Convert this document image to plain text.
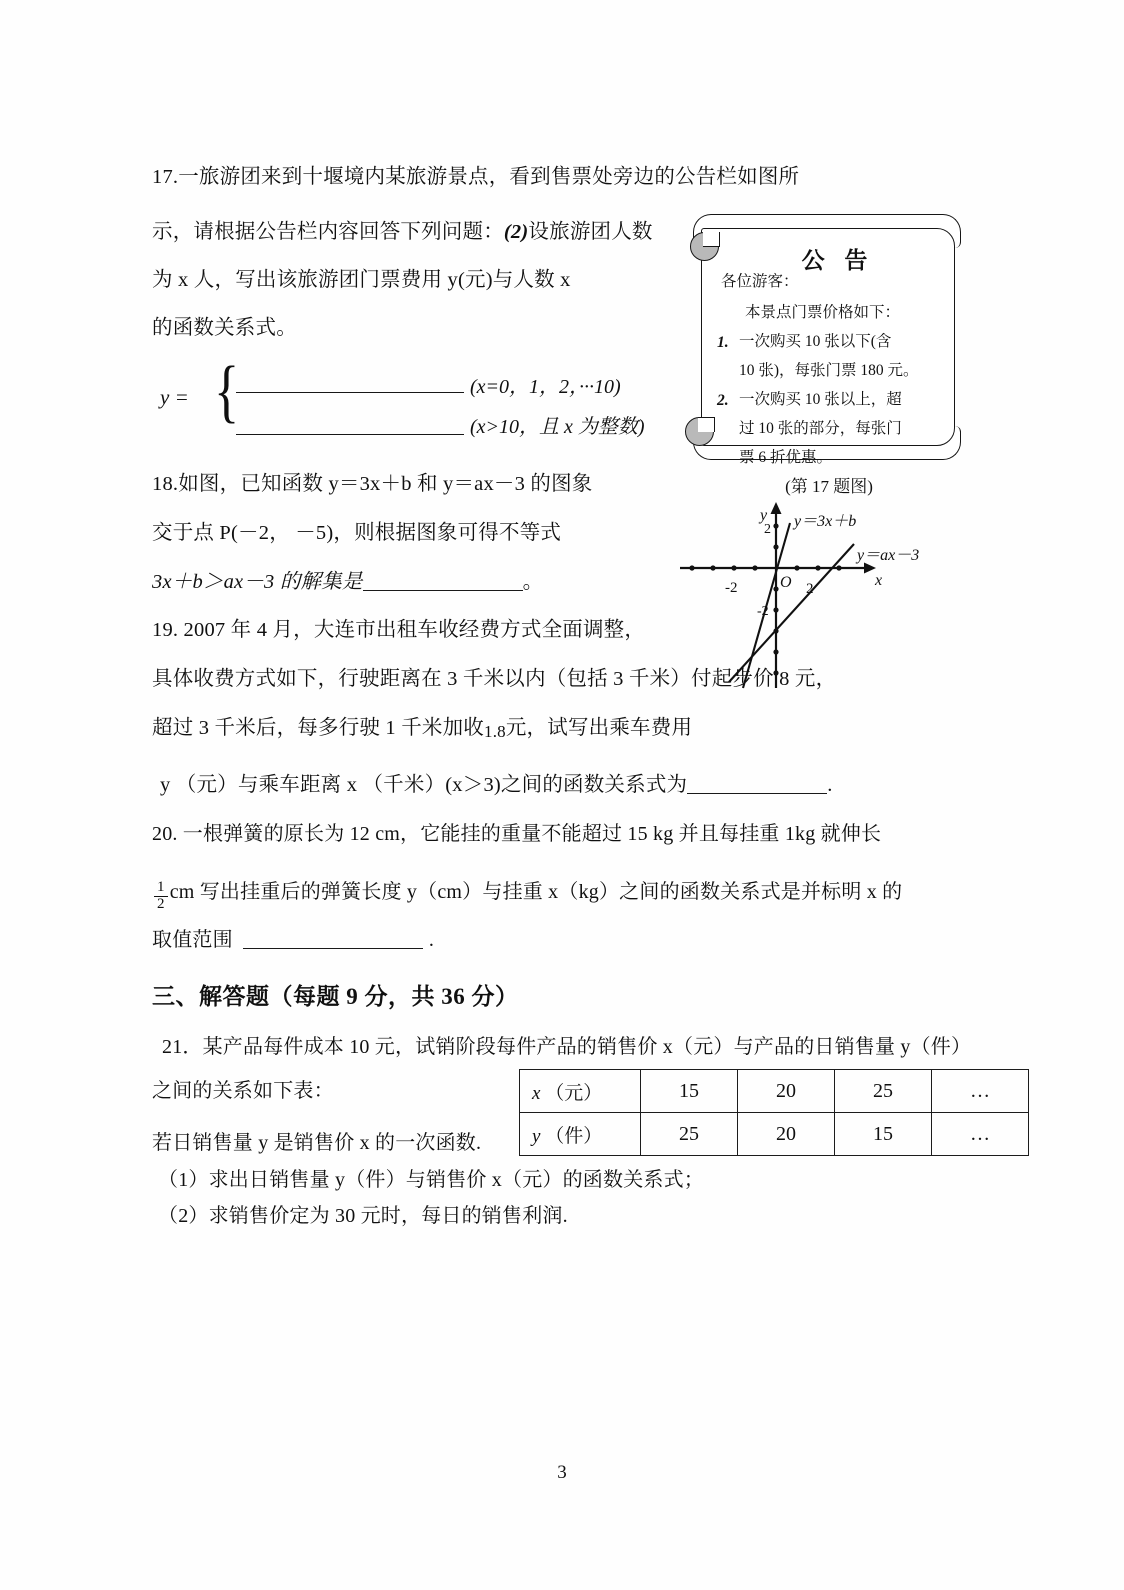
17.一旅游团来到十堰境内某旅游景点，看到售票处旁边的公告栏如图所
示，请根据公告栏内容回答下列问题：(2)设旅游团人数
为 x 人，写出该旅游团门票费用 y(元)与人数 x
的函数关系式。
y = {	(x=0，1，2，···10)
(x>10，且 x 为整数)
公 告
各位游客：
本景点门票价格如下：
1. 一次购买 10 张以下(含
10 张)，每张门票 180 元。
2. 一次购买 10 张以上，超
过 10 张的部分，每张门
票 6 折优惠。
(第 17 题图)
18.如图，已知函数 y＝3x＋b 和 y＝ax－3 的图象
交于点 P(－2， －5)，则根据图象可得不等式
3x＋b＞ax－3 的解集是	。
y
x
O
-2	2
2
-2
y＝3x＋b
y＝ax－3
19. 2007 年 4 月，大连市出租车收经费方式全面调整，
具体收费方式如下，行驶距离在 3 千米以内（包括 3 千米）付起步价 8 元，
超过 3 千米后，每多行驶 1 千米加收1.8元，试写出乘车费用
y （元）与乘车距离 x （千米）(x＞3)之间的函数关系式为	.
20. 一根弹簧的原长为 12 cm，它能挂的重量不能超过 15 kg 并且每挂重 1kg 就伸长
$\frac{1}{2}$ cm 写出挂重后的弹簧长度 y（cm）与挂重 x（kg）之间的函数关系式是并标明 x 的
取值范围	.
三、解答题（每题 9 分，共 36 分）
21．某产品每件成本 10 元，试销阶段每件产品的销售价 x（元）与产品的日销售量 y（件）
之间的关系如下表：
若日销售量 y 是销售价 x 的一次函数.
（1）求出日销售量 y（件）与销售价 x（元）的函数关系式；
（2）求销售价定为 30 元时，每日的销售利润.
x （元）	15	20	25	…
y （件）	25	20	15	…
3
